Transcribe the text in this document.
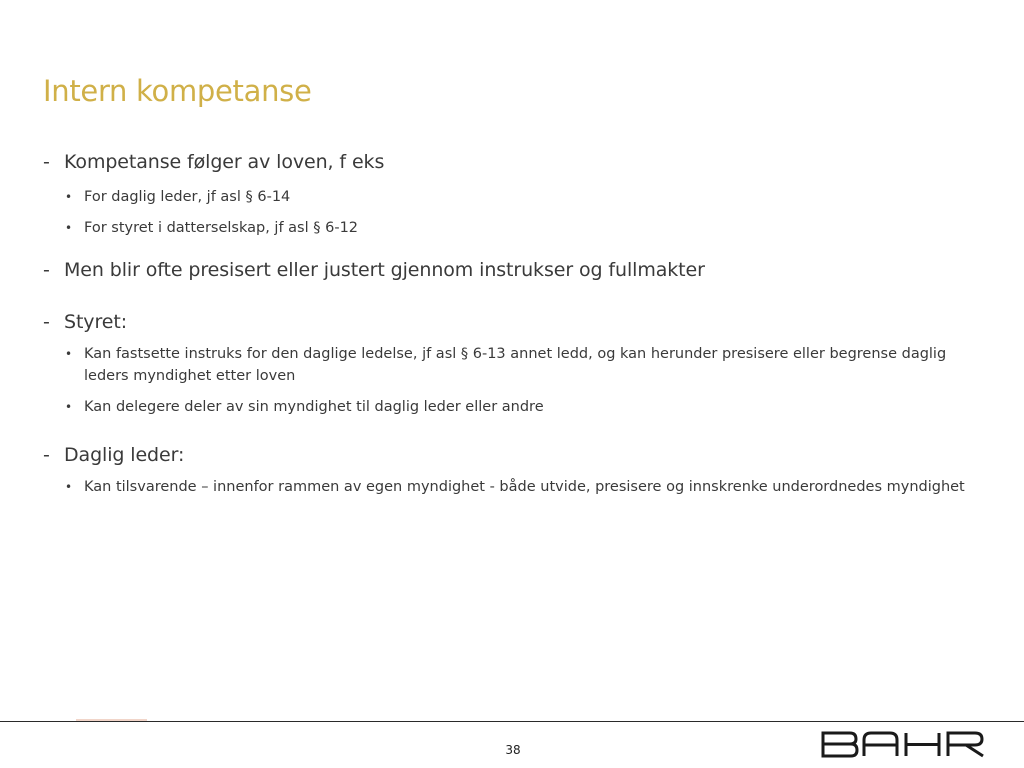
Intern kompetanse
- Kompetanse følger av loven, f eks
• For daglig leder, jf asl § 6-14
• For styret i datterselskap, jf asl § 6-12
- Men blir ofte presisert eller justert gjennom instrukser og fullmakter
- Styret:
• Kan fastsette instruks for den daglige ledelse, jf asl § 6-13 annet ledd, og kan herunder presisere eller begrense daglig leders myndighet etter loven
• Kan delegere deler av sin myndighet til daglig leder eller andre
- Daglig leder:
• Kan tilsvarende – innenfor rammen av egen myndighet - både utvide, presisere og innskrenke underordnedes myndighet
38
